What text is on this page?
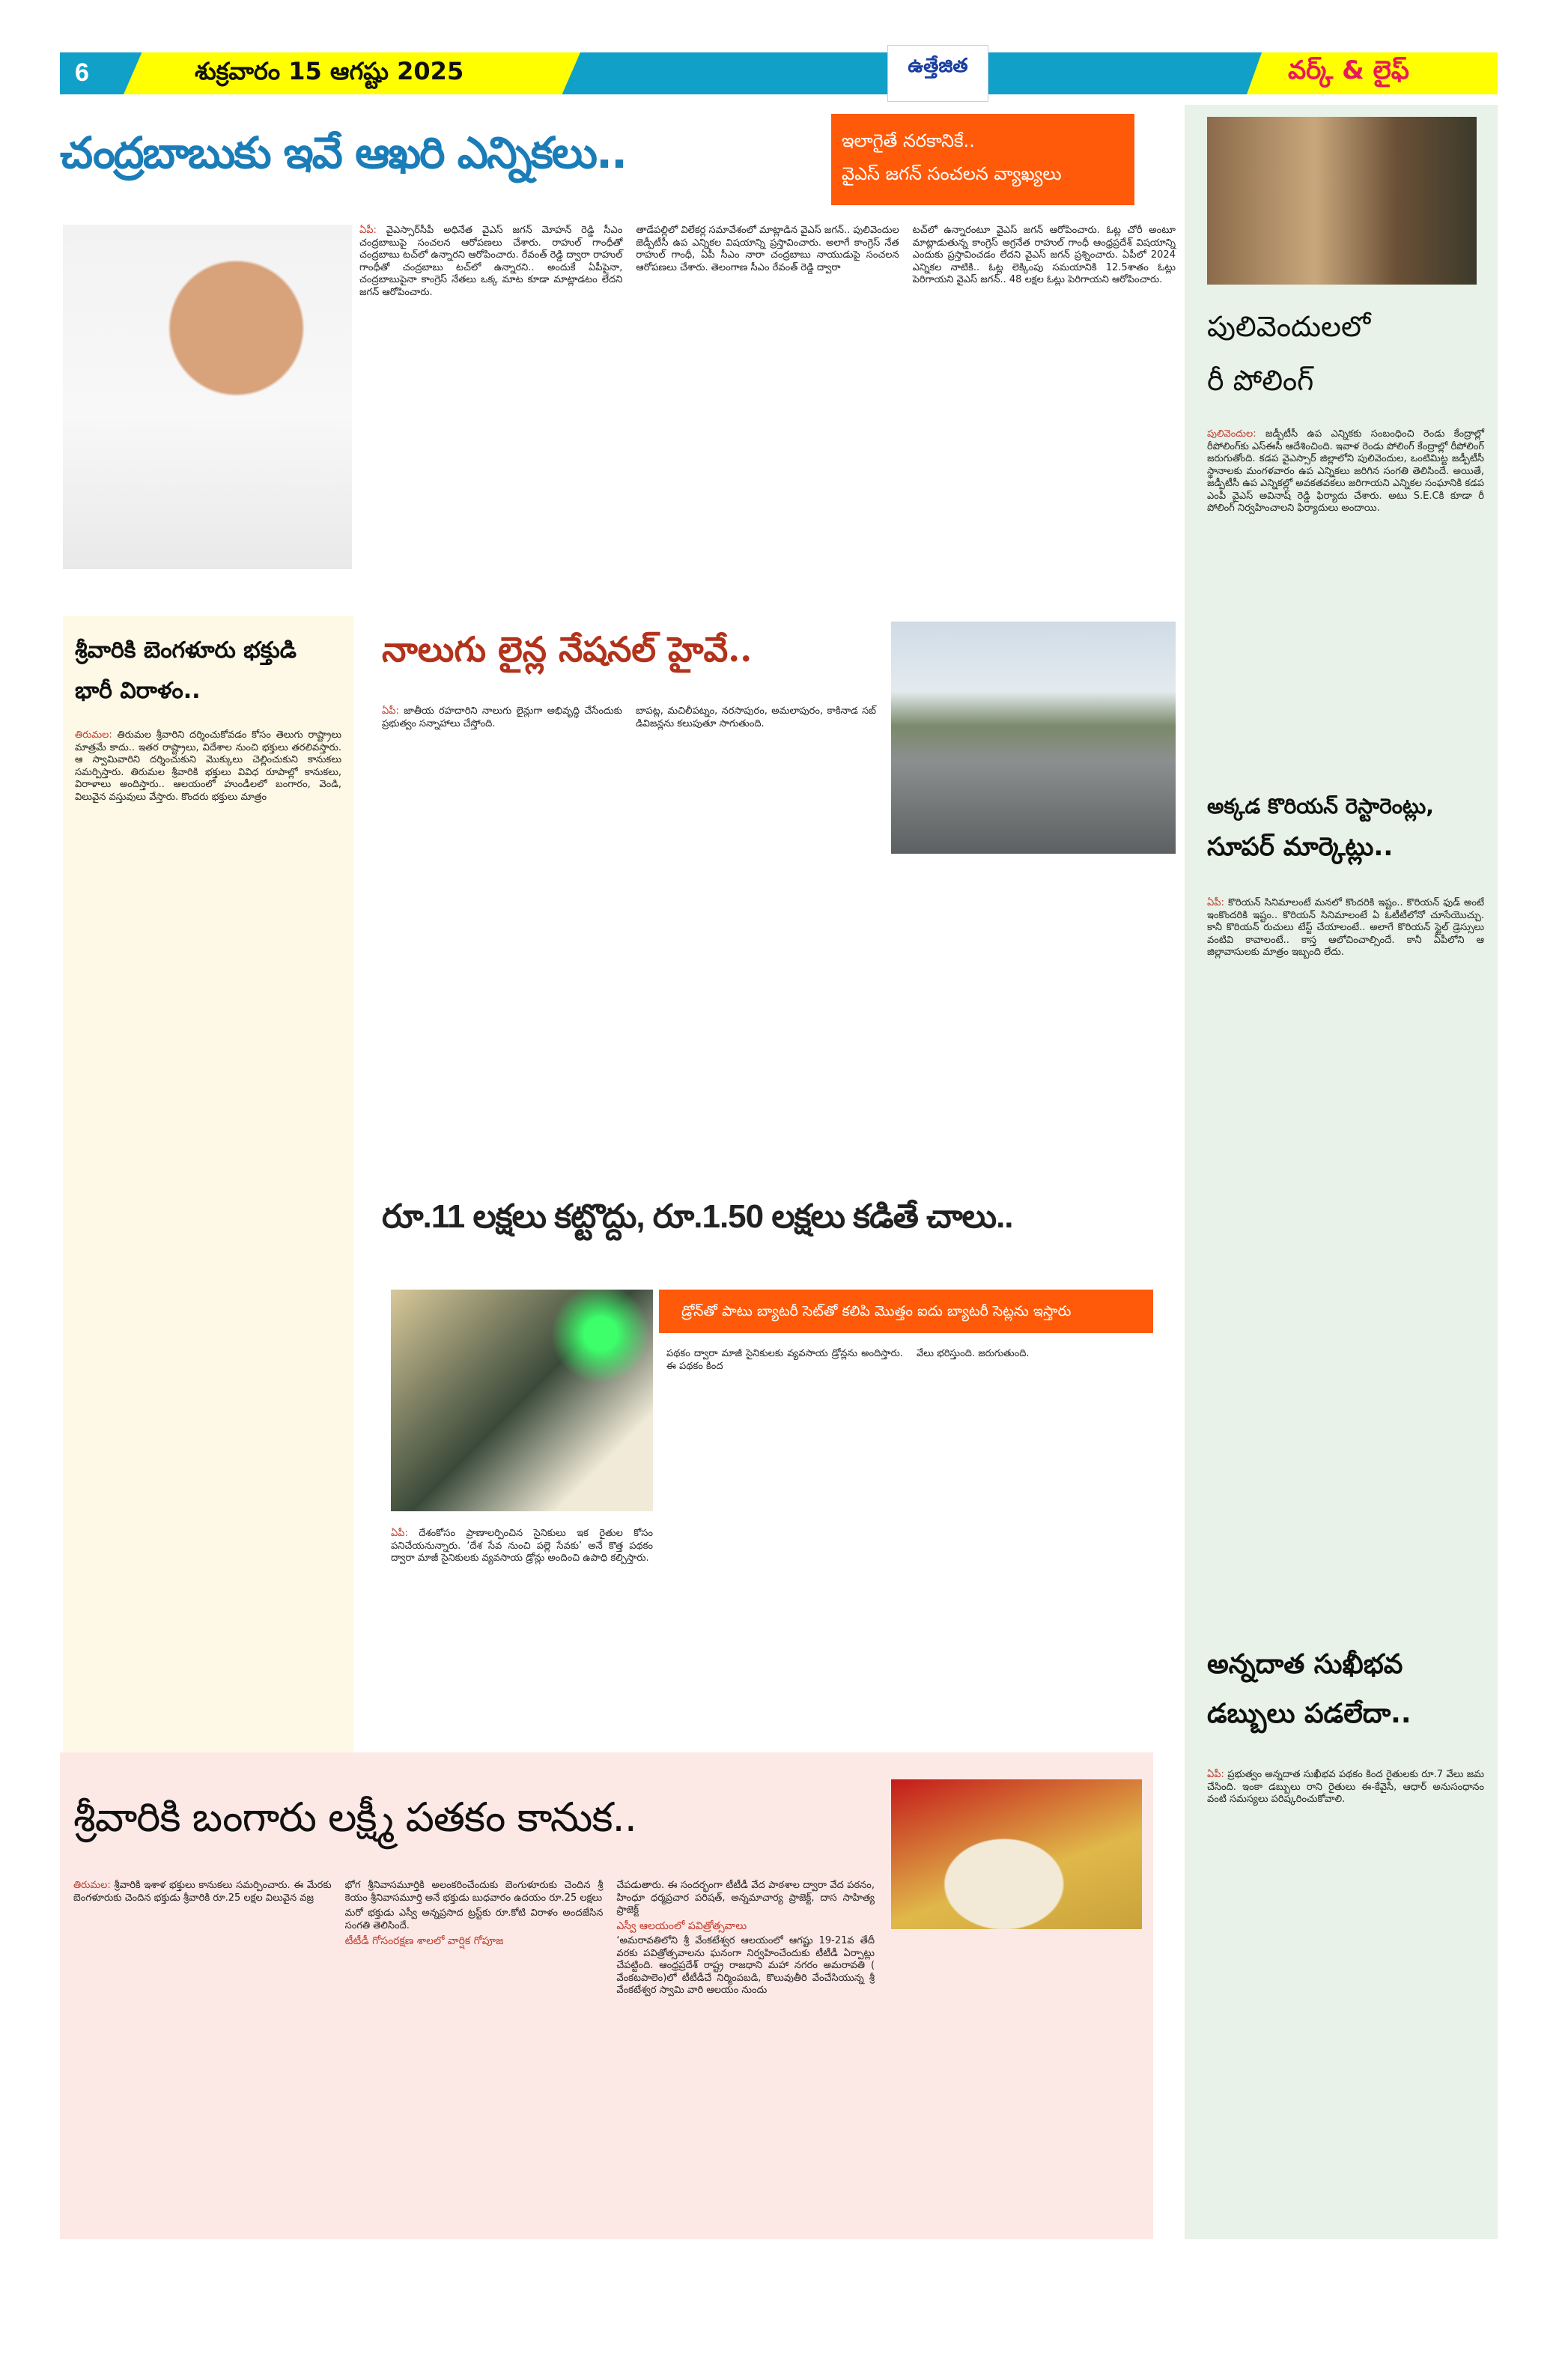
6	శుక్రవారం 15 ఆగష్టు 2025	ఉత్తేజిత	వర్క్ & లైఫ్
చంద్రబాబుకు ఇవే ఆఖరి ఎన్నికలు..	ఇలాగైతే నరకానికే..
వైఎస్ జగన్ సంచలన వ్యాఖ్యలు

ఏపీ: వైఎస్సార్‌సీపీ అధినేత వైఎస్ జగన్ మోహన్ రెడ్డి సీఎం చంద్రబాబుపై సంచలన ఆరోపణలు చేశారు. రాహుల్ గాంధీతో చంద్రబాబు టచ్‌లో ఉన్నారని ఆరోపించారు. రేవంత్ రెడ్డి ద్వారా రాహుల్ గాంధీతో చంద్రబాబు టచ్‌లో ఉన్నారని.. అందుకే ఏపీపైనా, చంద్రబాబుపైనా కాంగ్రెస్ నేతలు ఒక్క మాట కూడా మాట్లాడటం లేదని జగన్ ఆరోపించారు.

తాడేపల్లిలో విలేకర్ల సమావేశంలో మాట్లాడిన వైఎస్ జగన్.. పులివెందుల జెడ్పీటీసీ ఉప ఎన్నికల విషయాన్ని ప్రస్తావించారు. అలాగే కాంగ్రెస్ నేత రాహుల్ గాంధీ, ఏపీ సీఎం నారా చంద్రబాబు నాయుడుపై సంచలన ఆరోపణలు చేశారు. తెలంగాణ సీఎం రేవంత్ రెడ్డి ద్వారా

టచ్‌లో ఉన్నారంటూ వైఎస్ జగన్ ఆరోపించారు. ఓట్ల చోరీ అంటూ మాట్లాడుతున్న కాంగ్రెస్ అగ్రనేత రాహుల్ గాంధీ ఆంధ్రప్రదేశ్ విషయాన్ని ఎందుకు ప్రస్తావించడం లేదని వైఎస్ జగన్ ప్రశ్నించారు. ఏపీలో 2024 ఎన్నికల నాటికి.. ఓట్ల లెక్కింపు సమయానికి 12.5శాతం ఓట్లు పెరిగాయని వైఎస్ జగన్.. 48 లక్షల ఓట్లు పెరిగాయని ఆరోపించారు.

పులివెందులలో
రీ పోలింగ్
పులివెందుల: జడ్పీటీసీ ఉప ఎన్నికకు సంబంధించి రెండు కేంద్రాల్లో రీపోలింగ్‌కు ఎస్ఈసీ ఆదేశించింది. ఇవాళ రెండు పోలింగ్ కేంద్రాల్లో రీపోలింగ్ జరుగుతోంది. కడప వైఎస్సార్ జిల్లాలోని పులివెందుల, ఒంటిమిట్ట జడ్పీటీసీ స్థానాలకు మంగళవారం ఉప ఎన్నికలు జరిగిన సంగతి తెలిసిందే. అయితే, జడ్పీటీసీ ఉప ఎన్నికల్లో అవకతవకలు జరిగాయని ఎన్నికల సంఘానికి కడప ఎంపీ వైఎస్ అవినాష్ రెడ్డి ఫిర్యాదు చేశారు. అటు S.E.Cకి కూడా రీ పోలింగ్ నిర్వహించాలని ఫిర్యాదులు అందాయి.
అక్కడ కొరియన్ రెస్టారెంట్లు,
సూపర్ మార్కెట్లు..
ఏపీ: కొరియన్ సినిమాలంటే మనలో కొందరికి ఇష్టం.. కొరియన్ ఫుడ్ అంటే ఇంకొందరికి ఇష్టం.. కొరియన్ సినిమాలంటే ఏ ఓటీటీలోనో చూసేయొచ్చు. కానీ కొరియన్ రుచులు టేస్ట్ చేయాలంటే.. అలాగే కొరియన్ స్టైల్ డ్రెస్సులు వంటివి కావాలంటే.. కాస్త ఆలోచించాల్సిందే. కానీ ఏపీలోని ఆ జిల్లావాసులకు మాత్రం ఇబ్బంది లేదు.
అన్నదాత సుఖీభవ
డబ్బులు పడలేదా..
ఏపీ: ప్రభుత్వం అన్నదాత సుఖీభవ పథకం కింద రైతులకు రూ.7 వేలు జమ చేసింది. ఇంకా డబ్బులు రాని రైతులు ఈ-కేవైసీ, ఆధార్ అనుసంధానం వంటి సమస్యలు పరిష్కరించుకోవాలి.
శ్రీవారికి బెంగళూరు భక్తుడి భారీ విరాళం..
తిరుమల: తిరుమల శ్రీవారిని దర్శించుకోవడం కోసం తెలుగు రాష్ట్రాలు మాత్రమే కాదు.. ఇతర రాష్ట్రాలు, విదేశాల నుంచి భక్తులు తరలివస్తారు. ఆ స్వామివారిని దర్శించుకుని మొక్కులు చెల్లించుకుని కానుకలు సమర్పిస్తారు. తిరుమల శ్రీవారికి భక్తులు వివిధ రూపాల్లో కానుకలు, విరాళాలు అందిస్తారు.. ఆలయంలో హుండీలలో బంగారం, వెండి, విలువైన వస్తువులు వేస్తారు. కొందరు భక్తులు మాత్రం
నాలుగు లైన్ల నేషనల్ హైవే..
ఏపీ: జాతీయ రహదారిని నాలుగు లైన్లుగా అభివృద్ధి చేసేందుకు ప్రభుత్వం సన్నాహాలు చేస్తోంది.
బాపట్ల, మచిలీపట్నం, నరసాపురం, అమలాపురం, కాకినాడ సబ్ డివిజన్లను కలుపుతూ సాగుతుంది.
రూ.11 లక్షలు కట్టొద్దు, రూ.1.50 లక్షలు కడితే చాలు..
డ్రోన్‌తో పాటు బ్యాటరీ సెట్‌తో కలిపి మొత్తం ఐదు బ్యాటరీ సెట్లను ఇస్తారు
ఏపీ: దేశంకోసం ప్రాణాలర్పించిన సైనికులు ఇక రైతుల కోసం పనిచేయనున్నారు. ‘దేశ సేవ నుంచి పల్లె సేవకు’ అనే కొత్త పథకం ద్వారా మాజీ సైనికులకు వ్యవసాయ డ్రోన్లు అందించి ఉపాధి కల్పిస్తారు.
పథకం ద్వారా మాజీ సైనికులకు వ్యవసాయ డ్రోన్లను అందిస్తారు. ఈ పథకం కింద
వేలు భరిస్తుంది. జరుగుతుంది.
శ్రీవారికి బంగారు లక్ష్మీ పతకం కానుక..
తిరుమల: శ్రీవారికి ఇశాళ భక్తులు కానుకలు సమర్పించారు. ఈ మేరకు బెంగళూరుకు చెందిన భక్తుడు శ్రీవారికి రూ.25 లక్షల విలువైన వజ్ర

భోగ శ్రీనివాసమూర్తికి అలంకరించేందుకు బెంగుళూరుకు చెందిన శ్రీ కెయం శ్రీనివాసమూర్తి అనే భక్తుడు బుధవారం ఉదయం రూ.25 లక్షలు

మరో భక్తుడు ఎస్వీ అన్నప్రసాద ట్రస్ట్‌కు రూ.కోటి విరాళం అందజేసిన సంగతి తెలిసిందే.

టీటీడీ గోసంరక్షణ శాలలో వార్షిక గోపూజ

చేపడుతారు. ఈ సందర్భంగా టీటీడీ వేద పాఠశాల ద్వారా వేద పఠనం, హింధూ ధర్మప్రచార పరిషత్, అన్నమాచార్య ప్రాజెక్ట్, దాస సాహిత్య ప్రాజెక్ట్

ఎస్వీ ఆలయంలో పవిత్రోత్సవాలు

‘అమరావతిలోని శ్రీ వేంకటేశ్వర ఆలయంలో ఆగష్టు 19-21వ తేదీ వరకు పవిత్రోత్సవాలను ఘనంగా నిర్వహించేందుకు టీటీడీ ఏర్పాట్లు చేపట్టింది. ఆంధ్రప్రదేశ్ రాష్ట్ర రాజధాని మహా నగరం అమరావతి ( వేంకటపాలెం)లో టీటీడీచే నిర్మింపబడి, కొలువుతీరి వేంచేసియున్న శ్రీ వేంకటేశ్వర స్వామి వారి ఆలయం నుందు
